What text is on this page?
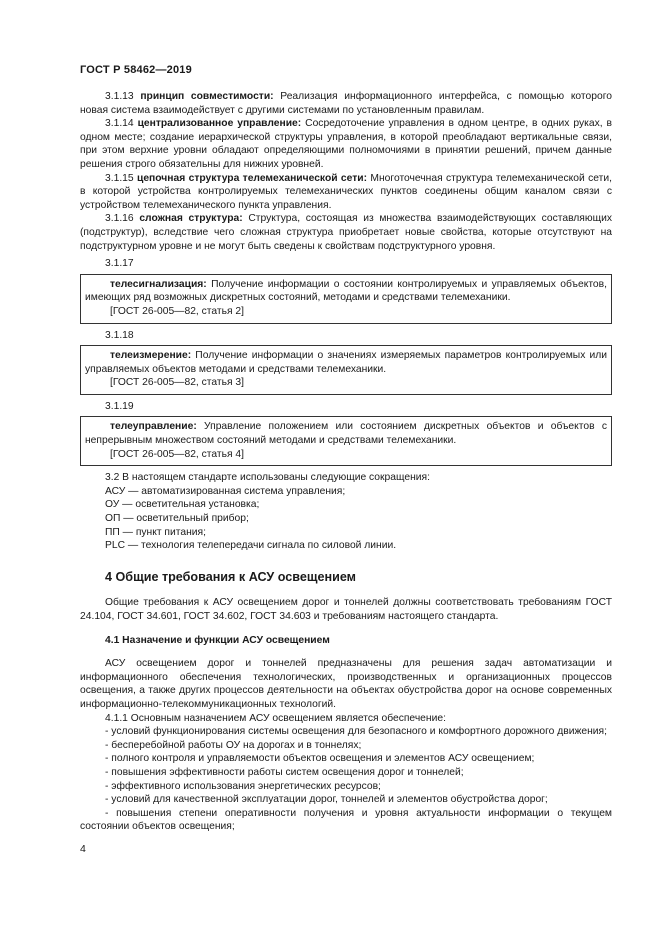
ГОСТ Р 58462—2019

3.1.13 принцип совместимости: Реализация информационного интерфейса, с помощью которого новая система взаимодействует с другими системами по установленным правилам.

3.1.14 централизованное управление: Сосредоточение управления в одном центре, в одних руках, в одном месте; создание иерархической структуры управления, в которой преобладают вертикальные связи, при этом верхние уровни обладают определяющими полномочиями в принятии решений, причем данные решения строго обязательны для нижних уровней.

3.1.15 цепочная структура телемеханической сети: Многоточечная структура телемеханической сети, в которой устройства контролируемых телемеханических пунктов соединены общим каналом связи с устройством телемеханического пункта управления.

3.1.16 сложная структура: Структура, состоящая из множества взаимодействующих составляющих (подструктур), вследствие чего сложная структура приобретает новые свойства, которые отсутствуют на подструктурном уровне и не могут быть сведены к свойствам подструктурного уровня.

3.1.17

телесигнализация: Получение информации о состоянии контролируемых и управляемых объектов, имеющих ряд возможных дискретных состояний, методами и средствами телемеханики.

[ГОСТ 26-005—82, статья 2]
3.1.18

телеизмерение: Получение информации о значениях измеряемых параметров контролируемых или управляемых объектов методами и средствами телемеханики.

[ГОСТ 26-005—82, статья 3]
3.1.19

телеуправление: Управление положением или состоянием дискретных объектов и объектов с непрерывным множеством состояний методами и средствами телемеханики.

[ГОСТ 26-005—82, статья 4]

3.2 В настоящем стандарте использованы следующие сокращения:

АСУ — автоматизированная система управления;

ОУ — осветительная установка;

ОП — осветительный прибор;

ПП — пункт питания;

PLC — технология телепередачи сигнала по силовой линии.

4 Общие требования к АСУ освещением

Общие требования к АСУ освещением дорог и тоннелей должны соответствовать требованиям ГОСТ 24.104, ГОСТ 34.601, ГОСТ 34.602, ГОСТ 34.603 и требованиям настоящего стандарта.

4.1 Назначение и функции АСУ освещением

АСУ освещением дорог и тоннелей предназначены для решения задач автоматизации и информационного обеспечения технологических, производственных и организационных процессов освещения, а также других процессов деятельности на объектах обустройства дорог на основе современных информационно-телекоммуникационных технологий.

4.1.1 Основным назначением АСУ освещением является обеспечение:

- условий функционирования системы освещения для безопасного и комфортного дорожного движения;

- бесперебойной работы ОУ на дорогах и в тоннелях;

- полного контроля и управляемости объектов освещения и элементов АСУ освещением;

- повышения эффективности работы систем освещения дорог и тоннелей;

- эффективного использования энергетических ресурсов;

- условий для качественной эксплуатации дорог, тоннелей и элементов обустройства дорог;

- повышения степени оперативности получения и уровня актуальности информации о текущем состоянии объектов освещения;

4
